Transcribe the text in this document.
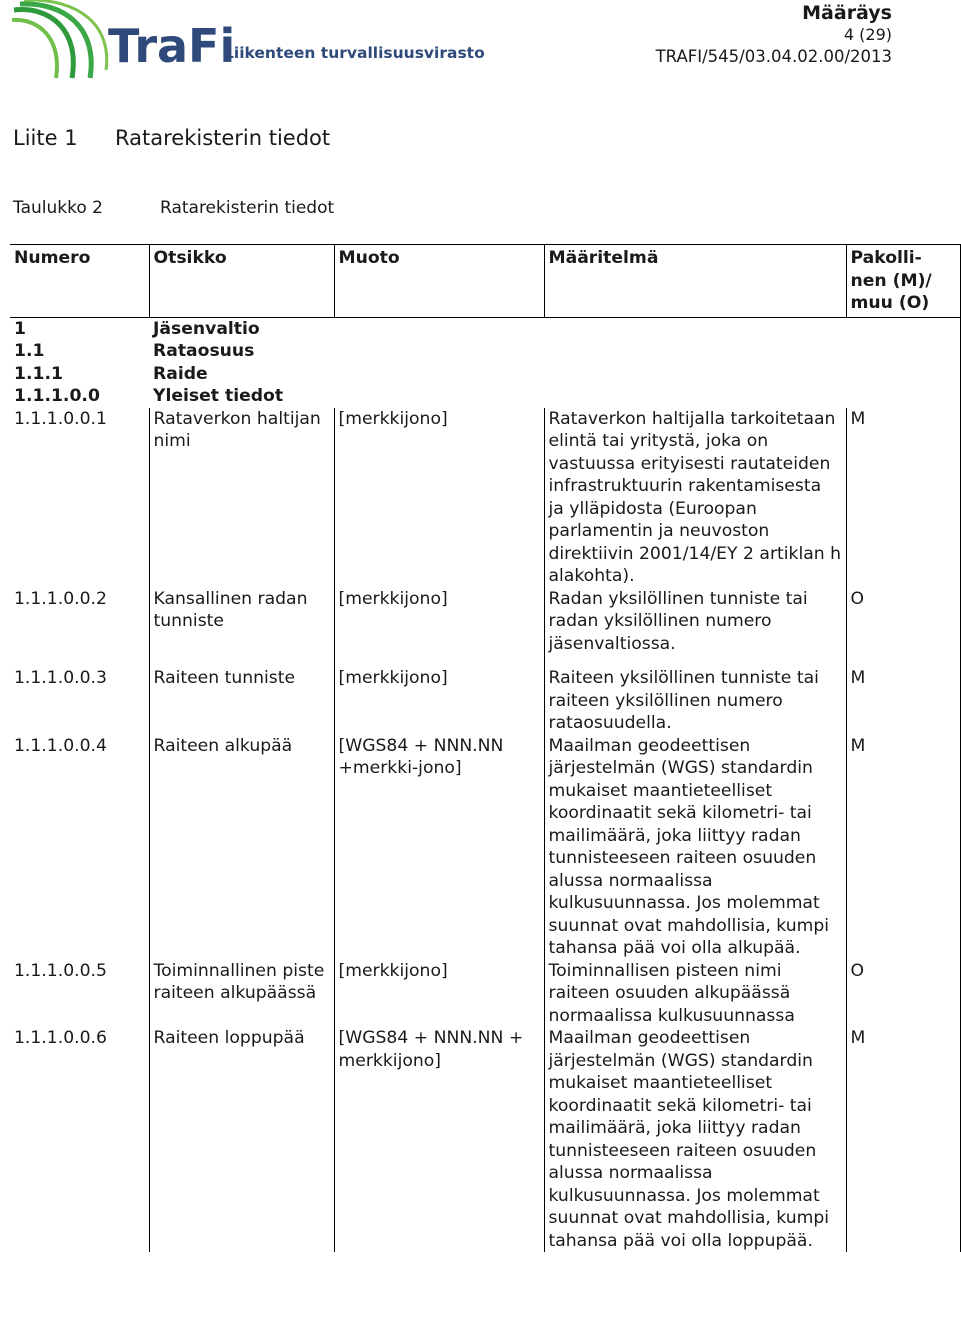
TraFi
Liikenteen turvallisuusvirasto
Määräys
4 (29)
TRAFI/545/03.04.02.00/2013
Liite 1 Ratarekisterin tiedot
Taulukko 2	Ratarekisterin tiedot
Numero	Otsikko	Muoto	Määritelmä	Pakolli-nen (M)/ muu (O)
1	Jäsenvaltio			
1.1	Rataosuus			
1.1.1	Raide			
1.1.1.0.0	Yleiset tiedot			
1.1.1.0.0.1	Rataverkon haltijan nimi	[merkkijono]	Rataverkon haltijalla tarkoitetaan elintä tai yritystä, joka on vastuussa erityisesti rautateiden infrastruktuurin rakentamisesta ja ylläpidosta (Euroopan parlamentin ja neuvoston direktiivin 2001/14/EY 2 artiklan h alakohta).	M
1.1.1.0.0.2	Kansallinen radan tunniste	[merkkijono]	Radan yksilöllinen tunniste tai radan yksilöllinen numero jäsenvaltiossa.	O
1.1.1.0.0.3	Raiteen tunniste	[merkkijono]	Raiteen yksilöllinen tunniste tai raiteen yksilöllinen numero rataosuudella.	M
1.1.1.0.0.4	Raiteen alkupää	[WGS84 + NNN.NN +merkki-jono]	Maailman geodeettisen järjestelmän (WGS) standardin mukaiset maantieteelliset koordinaatit sekä kilometri- tai mailimäärä, joka liittyy radan tunnisteeseen raiteen osuuden alussa normaalissa kulkusuunnassa. Jos molemmat suunnat ovat mahdollisia, kumpi tahansa pää voi olla alkupää.	M
1.1.1.0.0.5	Toiminnallinen piste raiteen alkupäässä	[merkkijono]	Toiminnallisen pisteen nimi raiteen osuuden alkupäässä normaalissa kulkusuunnassa	O
1.1.1.0.0.6	Raiteen loppupää	[WGS84 + NNN.NN + merkkijono]	Maailman geodeettisen järjestelmän (WGS) standardin mukaiset maantieteelliset koordinaatit sekä kilometri- tai mailimäärä, joka liittyy radan tunnisteeseen raiteen osuuden alussa normaalissa kulkusuunnassa. Jos molemmat suunnat ovat mahdollisia, kumpi tahansa pää voi olla loppupää.	M
